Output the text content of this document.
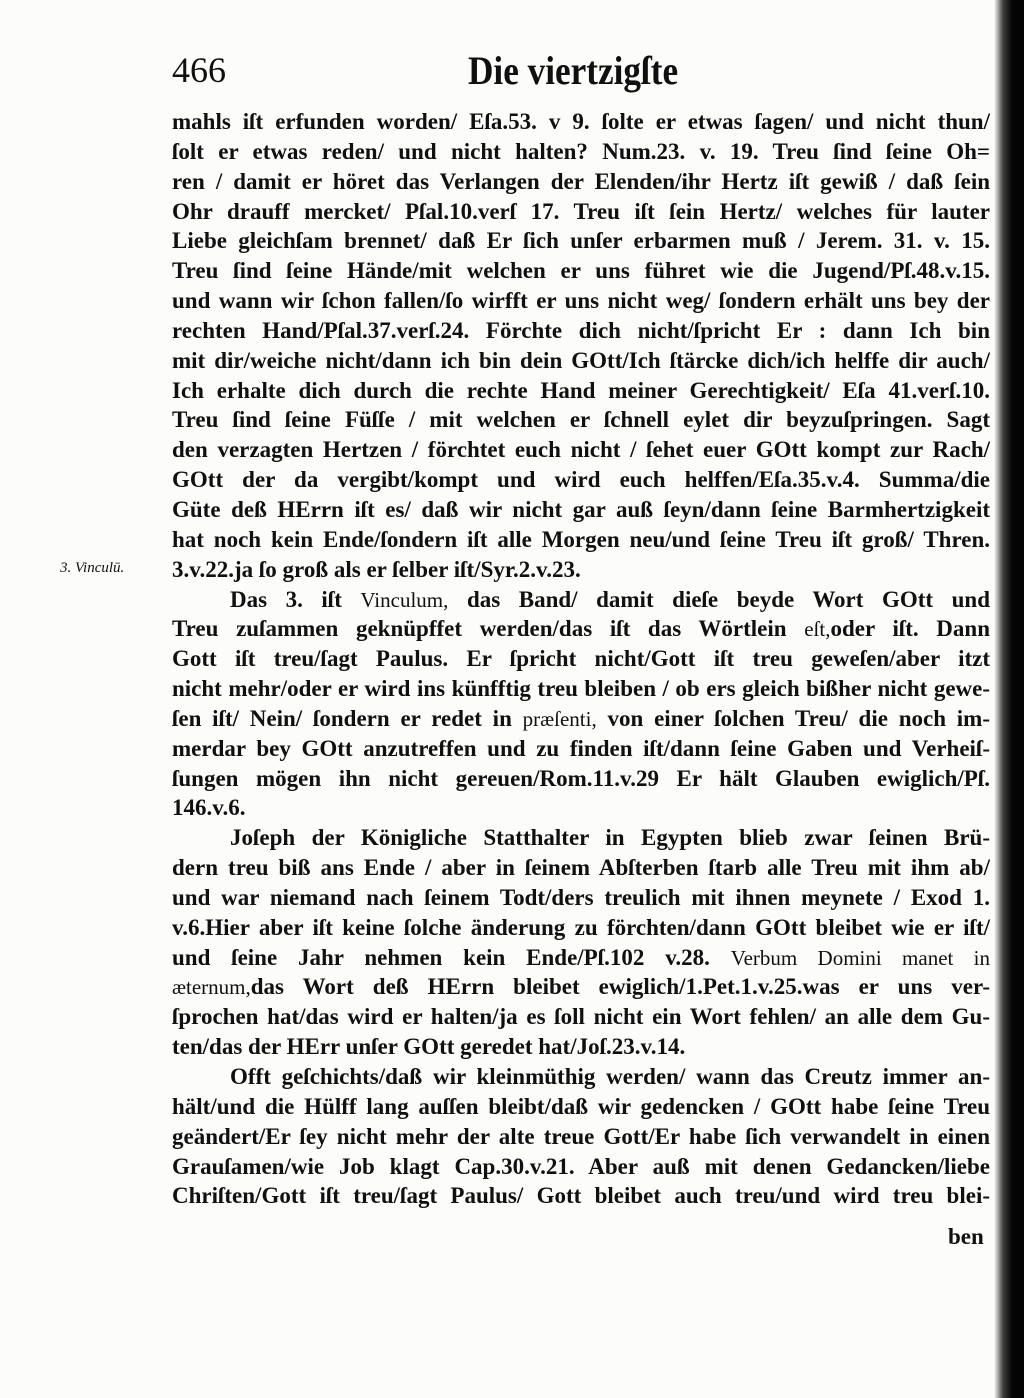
466	Die viertzigſte
3. Vinculū.
mahls iſt erfunden worden/ Eſa.53. v 9. ſolte er etwas ſagen/ und nicht thun/
ſolt er etwas reden/ und nicht halten? Num.23. v. 19. Treu ſind ſeine Oh=
ren / damit er höret das Verlangen der Elenden/ihr Hertz iſt gewiß / daß ſein
Ohr drauff mercket/ Pſal.10.verſ 17. Treu iſt ſein Hertz/ welches für lauter
Liebe gleichſam brennet/ daß Er ſich unſer erbarmen muß / Jerem. 31. v. 15.
Treu ſind ſeine Hände/mit welchen er uns führet wie die Jugend/Pſ.48.v.15.
und wann wir ſchon fallen/ſo wirfft er uns nicht weg/ ſondern erhält uns bey der
rechten Hand/Pſal.37.verſ.24. Förchte dich nicht/ſpricht Er : dann Ich bin
mit dir/weiche nicht/dann ich bin dein GOtt/Ich ſtärcke dich/ich helffe dir auch/
Ich erhalte dich durch die rechte Hand meiner Gerechtigkeit/ Eſa 41.verſ.10.
Treu ſind ſeine Füſſe / mit welchen er ſchnell eylet dir beyzuſpringen. Sagt
den verzagten Hertzen / förchtet euch nicht / ſehet euer GOtt kompt zur Rach/
GOtt der da vergibt/kompt und wird euch helffen/Eſa.35.v.4. Summa/die
Güte deß HErrn iſt es/ daß wir nicht gar auß ſeyn/dann ſeine Barmhertzigkeit
hat noch kein Ende/ſondern iſt alle Morgen neu/und ſeine Treu iſt groß/ Thren.
3.v.22.ja ſo groß als er ſelber iſt/Syr.2.v.23.
Das 3. iſt Vinculum, das Band/ damit dieſe beyde Wort GOtt und
Treu zuſammen geknüpffet werden/das iſt das Wörtlein eſt,oder iſt. Dann
Gott iſt treu/ſagt Paulus. Er ſpricht nicht/Gott iſt treu geweſen/aber itzt
nicht mehr/oder er wird ins künfftig treu bleiben / ob ers gleich bißher nicht gewe-
ſen iſt/ Nein/ ſondern er redet in præſenti, von einer ſolchen Treu/ die noch im-
merdar bey GOtt anzutreffen und zu finden iſt/dann ſeine Gaben und Verheiſ-
ſungen mögen ihn nicht gereuen/Rom.11.v.29 Er hält Glauben ewiglich/Pſ.
146.v.6.
Joſeph der Königliche Statthalter in Egypten blieb zwar ſeinen Brü-
dern treu biß ans Ende / aber in ſeinem Abſterben ſtarb alle Treu mit ihm ab/
und war niemand nach ſeinem Todt/ders treulich mit ihnen meynete / Exod 1.
v.6.Hier aber iſt keine ſolche änderung zu förchten/dann GOtt bleibet wie er iſt/
und ſeine Jahr nehmen kein Ende/Pſ.102 v.28. Verbum Domini manet in
æternum,das Wort deß HErrn bleibet ewiglich/1.Pet.1.v.25.was er uns ver-
ſprochen hat/das wird er halten/ja es ſoll nicht ein Wort fehlen/ an alle dem Gu-
ten/das der HErr unſer GOtt geredet hat/Joſ.23.v.14.
Offt geſchichts/daß wir kleinmüthig werden/ wann das Creutz immer an-
hält/und die Hülff lang auſſen bleibt/daß wir gedencken / GOtt habe ſeine Treu
geändert/Er ſey nicht mehr der alte treue Gott/Er habe ſich verwandelt in einen
Grauſamen/wie Job klagt Cap.30.v.21. Aber auß mit denen Gedancken/liebe
Chriſten/Gott iſt treu/ſagt Paulus/ Gott bleibet auch treu/und wird treu blei-
ben
